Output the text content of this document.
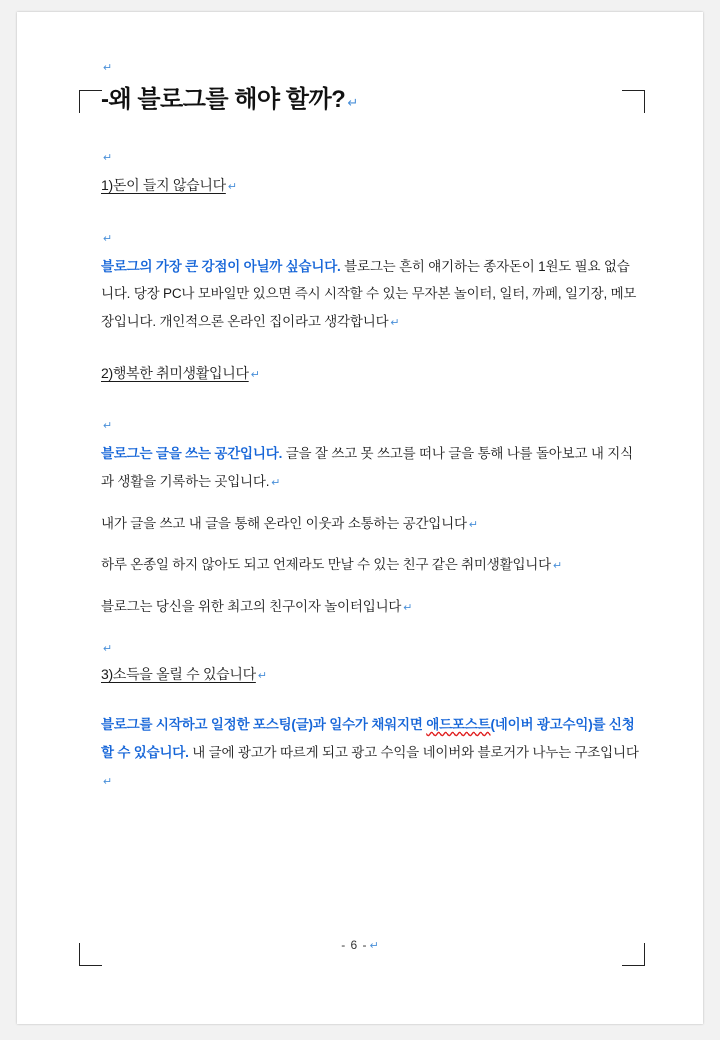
↵
-왜 블로그를 해야 할까? ↵
↵

1)돈이 들지 않습니다 ↵

↵

블로그의 가장 큰 강점이 아닐까 싶습니다. 블로그는 흔히 얘기하는 종자돈이 1원도 필요 없습니다. 당장 PC나 모바일만 있으면 즉시 시작할 수 있는 무자본 놀이터, 일터, 까페, 일기장, 메모장입니다. 개인적으론 온라인 집이라고 생각합니다 ↵

2)행복한 취미생활입니다 ↵

↵

블로그는 글을 쓰는 공간입니다. 글을 잘 쓰고 못 쓰고를 떠나 글을 통해 나를 돌아보고 내 지식과 생활을 기록하는 곳입니다. ↵

내가 글을 쓰고 내 글을 통해 온라인 이웃과 소통하는 공간입니다 ↵

하루 온종일 하지 않아도 되고 언제라도 만날 수 있는 친구 같은 취미생활입니다 ↵

블로그는 당신을 위한 최고의 친구이자 놀이터입니다 ↵

↵

3)소득을 올릴 수 있습니다 ↵

블로그를 시작하고 일정한 포스팅(글)과 일수가 채워지면 애드포스트(네이버 광고수익)를 신청할 수 있습니다. 내 글에 광고가 따르게 되고 광고 수익을 네이버와 블로거가 나누는 구조입니다↵

- 6 - ↵
